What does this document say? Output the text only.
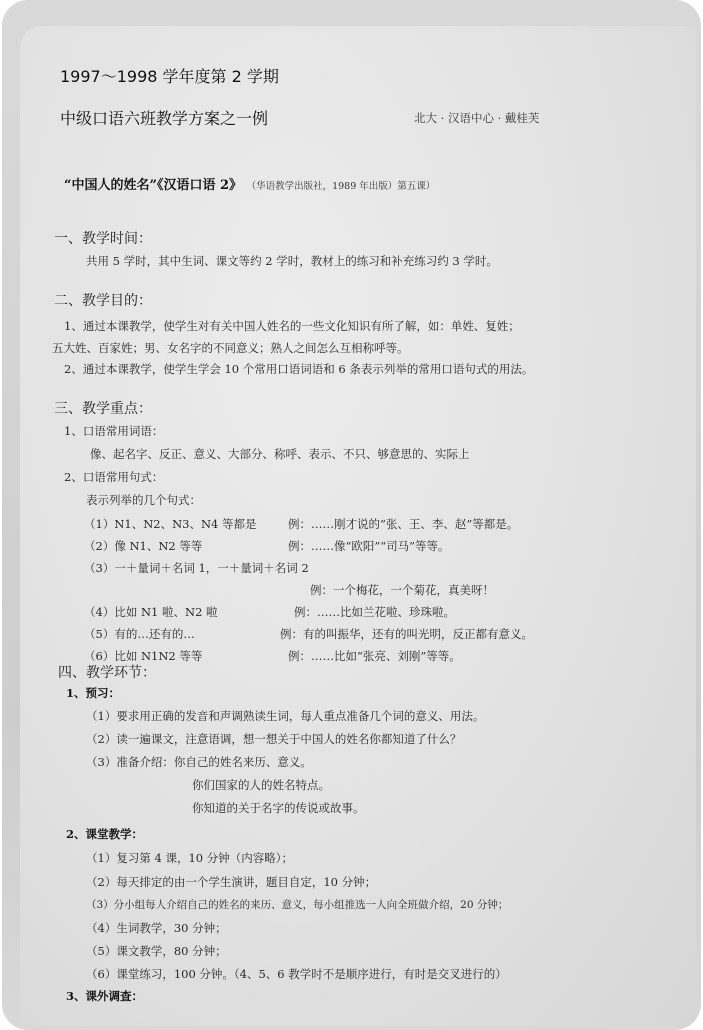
1997～1998 学年度第 2 学期
中级口语六班教学方案之一例	北大 · 汉语中心 · 戴桂芙
“中国人的姓名”《汉语口语 2》 （华语教学出版社，1989 年出版）第五课）
一、教学时间：
共用 5 学时，其中生词、课文等约 2 学时，教材上的练习和补充练习约 3 学时。
二、教学目的：
1、通过本课教学，使学生对有关中国人姓名的一些文化知识有所了解，如：单姓、复姓；
五大姓、百家姓；男、女名字的不同意义；熟人之间怎么互相称呼等。
2、通过本课教学，使学生学会 10 个常用口语词语和 6 条表示列举的常用口语句式的用法。
三、教学重点：
1、口语常用词语：
像、起名字、反正、意义、大部分、称呼、表示、不只、够意思的、实际上
2、口语常用句式：
表示列举的几个句式：
（1）N1、N2、N3、N4 等都是	例：……刚才说的“张、王、李、赵”等都是。
（2）像 N1、N2 等等	例：……像“欧阳”“司马”等等。
（3）一＋量词＋名词 1，一＋量词＋名词 2
例：一个梅花，一个菊花，真美呀！
（4）比如 N1 啦、N2 啦	例：……比如兰花啦、珍珠啦。
（5）有的…还有的…	例：有的叫振华，还有的叫光明，反正都有意义。
（6）比如 N1N2 等等	例：……比如“张亮、刘刚”等等。
四、教学环节：
1、预习：
（1）要求用正确的发音和声调熟读生词，每人重点准备几个词的意义、用法。
（2）读一遍课文，注意语调，想一想关于中国人的姓名你都知道了什么？
（3）准备介绍：你自己的姓名来历、意义。
你们国家的人的姓名特点。
你知道的关于名字的传说或故事。
2、课堂教学：
（1）复习第 4 课，10 分钟（内容略）；
（2）每天排定的由一个学生演讲，题目自定，10 分钟；
（3）分小组每人介绍自己的姓名的来历、意义，每小组推选一人向全班做介绍，20 分钟；
（4）生词教学，30 分钟；
（5）课文教学，80 分钟；
（6）课堂练习，100 分钟。（4、5、6 教学时不是顺序进行，有时是交叉进行的）
3、课外调查：
